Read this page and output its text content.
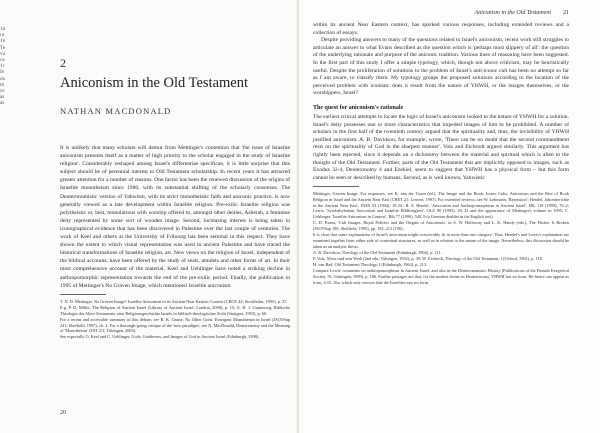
1n
ra
1n
Te
va
ca
1r
Ie
do
th
ce
as
as
2
Aniconism in the Old Testament
NATHAN MACDONALD

It is unlikely that many scholars will demur from Mettinger's contention that 'the issue of Israelite aniconism presents itself as a matter of high priority to the scholar engaged in the study of Israelite religion'. Considerably reshaped among Israel's differentiae specificae, it is little surprise that this subject should be of perennial interest to Old Testament scholarship. In recent years it has attracted greater attention for a number of reasons. One factor has been the renewed discussion of the origins of Israelite monotheism since 1980, with its substantial shifting of the scholarly consensus. The Deuteronomistic version of Yahwism, with its strict monotheistic faith and aniconic practice, is now generally viewed as a late development within Israelite religion. Pre-exilic Israelite religion was polytheistic or, best, monolatrous with worship offered to, amongst other deities, Asherah, a feminine deity represented by some sort of wooden image. Second, increasing interest is being taken in iconographical evidence that has been discovered in Palestine over the last couple of centuries. The work of Keel and others at the University of Fribourg has been seminal in this respect. They have shown the extent to which visual representation was used in ancient Palestine and have traced the historical transformations of Israelite religion, art. New views on the religion of Israel, independent of the biblical accounts, have been offered by the study of seals, amulets and other forms of art. In their most comprehensive account of the material, Keel and Uehlinger have noted a striking decline in anthropomorphic representation towards the end of the pre-exilic period. Finally, the publication in 1995 of Mettinger's No Graven Image, which mentioned Israelite aniconism

T. N. D. Mettinger, No Graven Image? Israelite Aniconism in its Ancient Near Eastern Context (CBOT 42; Stockholm, 1995), p. 37.

E.g. P. D. Miller, The Religion of Ancient Israel (Library of Ancient Israel; London, 2000), p. 15; A. H. J. Gunneweg, Biblische Theologie des Alten Testaments: eine Religionsgeschichte Israels in biblisch-theologischer Sicht (Stuttgart, 1993), p. 66.

For a recent and accessible summary of this debate, see R. K. Gnuse, No Other Gods: Emergent Monotheism in Israel (JSOTSup 241; Sheffield, 1997), ch. 2. For a thorough-going critique of the 'new paradigm', see N. MacDonald, Deuteronomy and the Meaning of 'Monotheism' (FAT 2/1; Tübingen, 2003).

See especially O. Keel and C. Uehlinger, Gods, Goddesses, and Images of God in Ancient Israel (Edinburgh, 1998).

20
Aniconism in the Old Testament 21

within its ancient Near Eastern context, has sparked various responses, including extended reviews and a collection of essays.

Despite providing answers to many of the questions related to Israel's aniconism, recent work still struggles to articulate an answer to what Evans described as the question which is 'perhaps most slippery of all': the question of the underlying rationale and purpose of the aniconic tradition. Various lines of reasoning have been suggested. In the first part of this study I offer a simple typology, which, though not above criticism, may be heuristically useful. Despite the proliferation of solutions to the problem of Israel's anti-iconic cult has been no attempt so far as I am aware, to classify them. My typology groups the proposed solutions according to the location of the perceived problem with iconism: does it result from the nature of YHWH, or the images themselves, or the worshippers, Israel?

The quest for aniconism's rationale

The earliest critical attempts to locate the logic of Israel's aniconism looked to the nature of YHWH for a solution. Israel's deity possesses one or more characteristics that impeded images of him to be prohibited. A number of scholars in the first half of the twentieth century argued that the spirituality and, thus, the invisibility of YHWH justified aniconism. A. B. Davidson, for example, wrote, 'There can be no doubt that the second commandment rests on the spirituality of God in the sharpest manner'. Volz and Eichrodt argued similarly. This argument has rightly been rejected, since it depends on a dichotomy between the material and spiritual which is alien to the thought of the Old Testament. Further, parts of the Old Testament that are implicitly opposed to images, such as Exodus 32-4, Deuteronomy 4 and Ezekiel, seem to suggest that YHWH has a physical form – but this form cannot be seen or described by humans. Second, as is well known, Yahwistic

Mettinger, Graven Image. For responses, see K. van der Toorn (ed.), The Image and the Book: Iconic Cults, Aniconism and the Rise of Book Religion in Israel and the Ancient Near East (CBET 21; Leuven, 1997). For extended reviews, see W. Lehmann, 'Rezension'; Hendel, Jahresberichte in the Ancient Near East', JNES 53 (1994), 18–61; R. S. Hendel, 'Aniconism and Anthropomorphism in Ancient Israel', JBL 118 (1999), 70–2; Lewis, 'Syrobabylonian Aniconism and Israelite Bildlosigkeit', OLZ 90 (1995), 29–32 and the appearance of Mettinger's volume in 1995; C. Uehlinger, 'Israelite Aniconism in Context', Bib 77 (1996), 540–9 (a German doublet in the English text).

C. D. Evans, 'Cult Images, Royal Policies and the Origins of Aniconism', in S. W. Holloway and L. K. Handy (eds.), The Pitcher Is Broken (JSOTSup 190; Sheffield, 1995), pp. 192–212 (196).

It is clear that some explanations of Israel's aniconism might conceivably fit in more than one category. Thus, Hendel's and Lewis's explanation are examined together from either side of contextual structures, as well as in relation to the nature of the image. Nevertheless, this discussion should be taken as an analytic thesis.

A. B. Davidson, Theology of the Old Testament (Edinburgh, 1904), p. 111.

P. Volz, Mose und sein Werk (2nd edn; Tübingen, 1932), p. 39; W. Eichrodt, Theology of the Old Testament, I (Oxford, 1961), p. 118.

H. van Rad, Old Testament Theology, I (Edinburgh, 1962), p. 213.

Compare Lewis' comments on anthropomorphism in Ancient Israel, and also in the Deuteronomistic History (Publications of the Finnish Exegetical Society 76; Göttingen, 1999), p. 186. Further passages are that, for the modest divine in Deuteronomy, YHWH has no form. He hence can appear as form, 4:15–16a, which only stresses that the Israelites saw no form.
